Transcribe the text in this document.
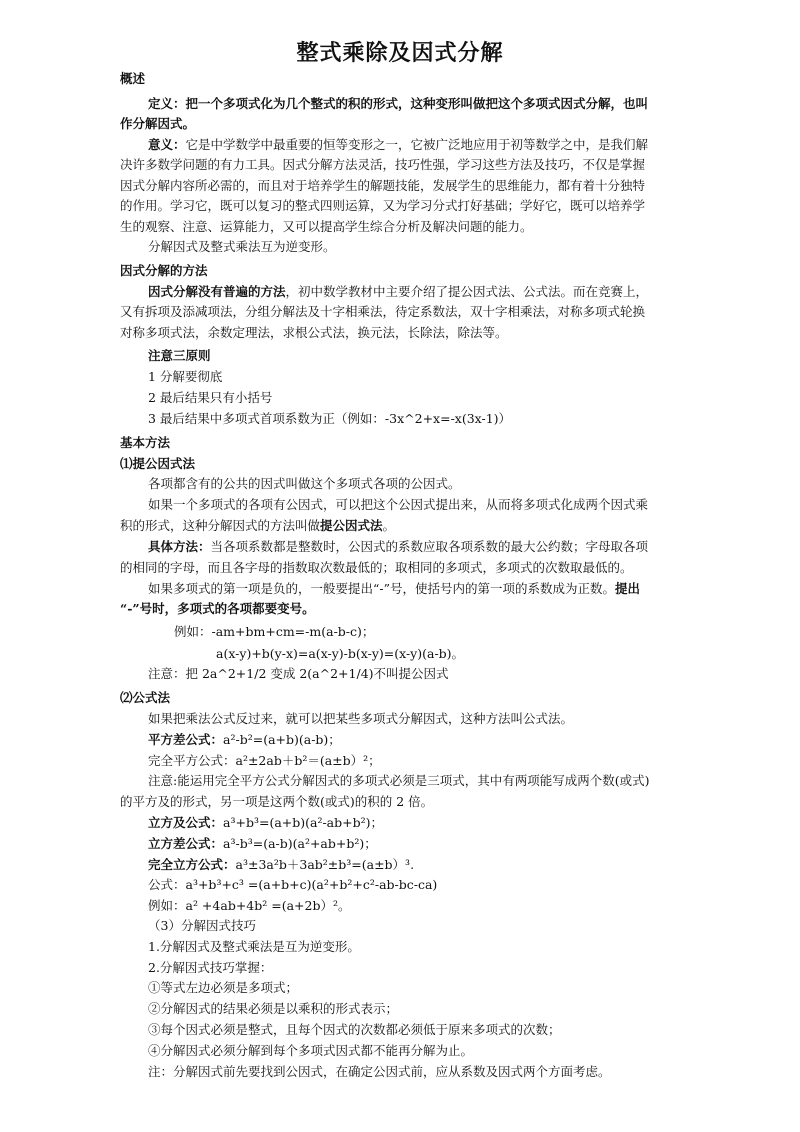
整式乘除及因式分解
概述
定义：把一个多项式化为几个整式的积的形式，这种变形叫做把这个多项式因式分解，也叫
作分解因式。
意义：它是中学数学中最重要的恒等变形之一，它被广泛地应用于初等数学之中，是我们解
决许多数学问题的有力工具。因式分解方法灵活，技巧性强，学习这些方法及技巧，不仅是掌握
因式分解内容所必需的，而且对于培养学生的解题技能，发展学生的思维能力，都有着十分独特
的作用。学习它，既可以复习的整式四则运算，又为学习分式打好基础；学好它，既可以培养学
生的观察、注意、运算能力，又可以提高学生综合分析及解决问题的能力。
分解因式及整式乘法互为逆变形。
因式分解的方法
因式分解没有普遍的方法，初中数学教材中主要介绍了提公因式法、公式法。而在竞赛上，
又有拆项及添减项法，分组分解法及十字相乘法，待定系数法，双十字相乘法，对称多项式轮换
对称多项式法，余数定理法，求根公式法，换元法，长除法，除法等。
注意三原则
1 分解要彻底
2 最后结果只有小括号
3 最后结果中多项式首项系数为正（例如：-3x^2+x=-x(3x-1)）
基本方法
⑴提公因式法
各项都含有的公共的因式叫做这个多项式各项的公因式。
如果一个多项式的各项有公因式，可以把这个公因式提出来，从而将多项式化成两个因式乘
积的形式，这种分解因式的方法叫做提公因式法。
具体方法：当各项系数都是整数时，公因式的系数应取各项系数的最大公约数；字母取各项
的相同的字母，而且各字母的指数取次数最低的；取相同的多项式，多项式的次数取最低的。
如果多项式的第一项是负的，一般要提出“-”号，使括号内的第一项的系数成为正数。提出
“-”号时，多项式的各项都要变号。
例如：-am+bm+cm=-m(a-b-c)；
a(x-y)+b(y-x)=a(x-y)-b(x-y)=(x-y)(a-b)。
注意：把 2a^2+1/2 变成 2(a^2+1/4)不叫提公因式
⑵公式法
如果把乘法公式反过来，就可以把某些多项式分解因式，这种方法叫公式法。
平方差公式：a²-b²=(a+b)(a-b)；
完全平方公式：a²±2ab＋b²＝(a±b）²；
注意:能运用完全平方公式分解因式的多项式必须是三项式，其中有两项能写成两个数(或式)
的平方及的形式，另一项是这两个数(或式)的积的 2 倍。
立方及公式：a³+b³=(a+b)(a²-ab+b²)；
立方差公式：a³-b³=(a-b)(a²+ab+b²)；
完全立方公式：a³±3a²b＋3ab²±b³=(a±b）³.
公式：a³+b³+c³ =(a+b+c)(a²+b²+c²-ab-bc-ca)
例如：a² +4ab+4b² =(a+2b）²。
（3）分解因式技巧
1.分解因式及整式乘法是互为逆变形。
2.分解因式技巧掌握：
①等式左边必须是多项式；
②分解因式的结果必须是以乘积的形式表示；
③每个因式必须是整式，且每个因式的次数都必须低于原来多项式的次数；
④分解因式必须分解到每个多项式因式都不能再分解为止。
注：分解因式前先要找到公因式，在确定公因式前，应从系数及因式两个方面考虑。
